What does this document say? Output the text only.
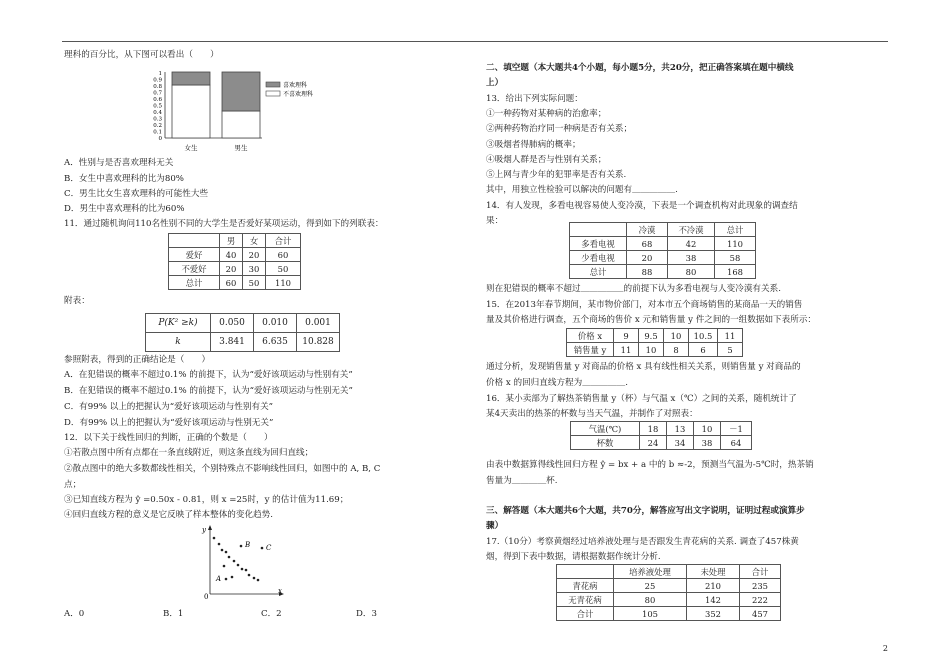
理科的百分比，从下图可以看出（　　）
1
0.9
0.8
0.7
0.6
0.5
0.4
0.3
0.2
0.1
0
女生	男生
喜欢理科
不喜欢理科
A．性别与是否喜欢理科无关
B．女生中喜欢理科的比为80%
C．男生比女生喜欢理科的可能性大些
D．男生中喜欢理科的比为60%
11．通过随机询问110名性别不同的大学生是否爱好某项运动，得到如下的列联表：
	男	女	合计
爱好	40	20	60
不爱好	20	30	50
总计	60	50	110
附表：
P(K² ≥k)	0.050	0.010	0.001
k	3.841	6.635	10.828
参照附表，得到的正确结论是（　　）
A．在犯错误的概率不超过0.1% 的前提下，认为“爱好该项运动与性别有关”
B．在犯错误的概率不超过0.1% 的前提下，认为“爱好该项运动与性别无关”
C．有99% 以上的把握认为“爱好该项运动与性别有关”
D．有99% 以上的把握认为“爱好该项运动与性别无关”
12．以下关于线性回归的判断，正确的个数是（　　）
①若散点图中所有点都在一条直线附近，则这条直线为回归直线；
②散点图中的绝大多数都线性相关，个别特殊点不影响线性回归，如图中的 A, B, C
点；
③已知直线方程为 ŷ =0.50x - 0.81，则 x =25时，y 的估计值为11.69；
④回归直线方程的意义是它反映了样本整体的变化趋势.
y
x
0
A
B C
A．0	B．1	C．2	D．3
二、填空题（本大题共4个小题，每小题5分，共20分，把正确答案填在题中横线
上）
13．给出下列实际问题：
①一种药物对某种病的治愈率；
②两种药物治疗同一种病是否有关系；
③吸烟者得肺病的概率；
④吸烟人群是否与性别有关系；
⑤上网与青少年的犯罪率是否有关系.
其中，用独立性检验可以解决的问题有＿＿＿＿＿.
14．有人发现，多看电视容易使人变冷漠，下表是一个调查机构对此现象的调查结
果：
	冷漠	不冷漠	总计
多看电视	68	42	110
少看电视	20	38	58
总计	88	80	168
则在犯错误的概率不超过＿＿＿＿＿的前提下认为多看电视与人变冷漠有关系.
15．在2013年春节期间，某市物价部门，对本市五个商场销售的某商品一天的销售
量及其价格进行调查，五个商场的售价 x 元和销售量 y 件之间的一组数据如下表所示：
价格 x	9	9.5	10	10.5	11
销售量 y	11	10	8	6	5
通过分析，发现销售量 y 对商品的价格 x 具有线性相关关系，则销售量 y 对商品的
价格 x 的回归直线方程为＿＿＿＿＿.
16．某小卖部为了解热茶销售量 y（杯）与气温 x（℃）之间的关系，随机统计了
某4天卖出的热茶的杯数与当天气温，并制作了对照表：
气温(℃)	18	13	10	－1
杯数	24	34	38	64
由表中数据算得线性回归方程 ŷ = bx + a 中的 b ≈-2，预测当气温为-5℃时，热茶销
售量为＿＿＿＿杯.
三、解答题（本大题共6个大题，共70分，解答应写出文字说明，证明过程或演算步
骤）
17.（10分）考察黄烟经过培养液处理与是否跟发生青花病的关系. 调查了457株黄
烟，得到下表中数据，请根据数据作统计分析.
	培养液处理	未处理	合计
青花病	25	210	235
无青花病	80	142	222
合计	105	352	457
2
